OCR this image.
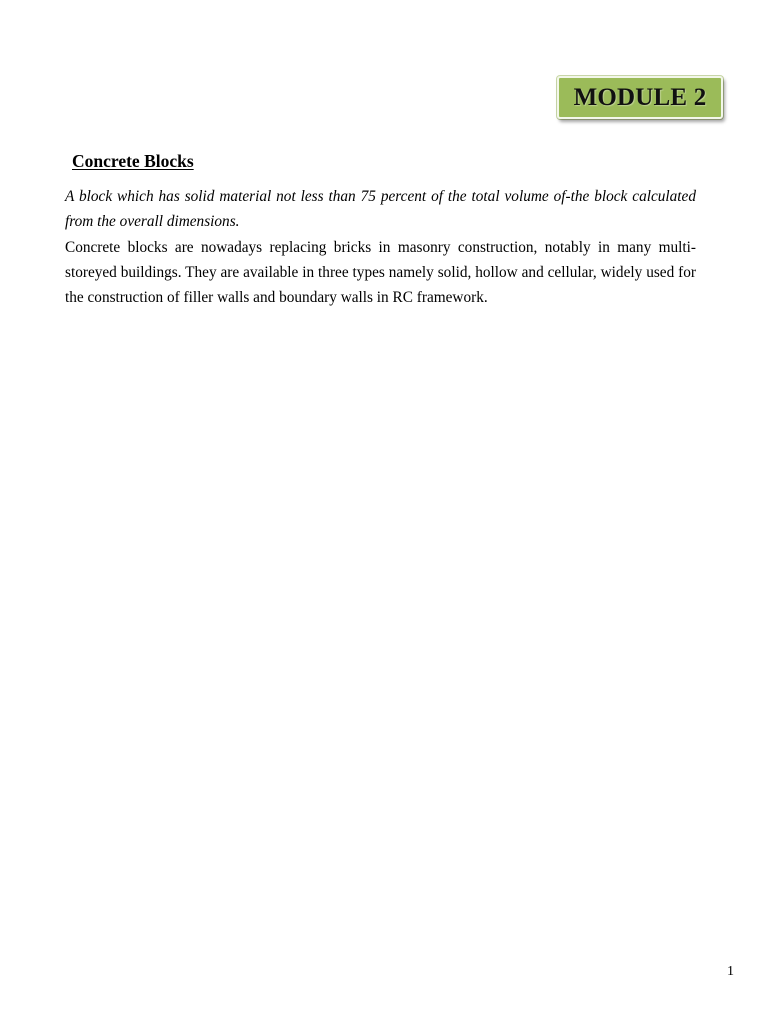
MODULE 2
Concrete Blocks

A block which has solid material not less than 75 percent of the total volume of-the block calculated from the overall dimensions.

Concrete blocks are nowadays replacing bricks in masonry construction, notably in many multi-storeyed buildings. They are available in three types namely solid, hollow and cellular, widely used for the construction of filler walls and boundary walls in RC framework.

1
